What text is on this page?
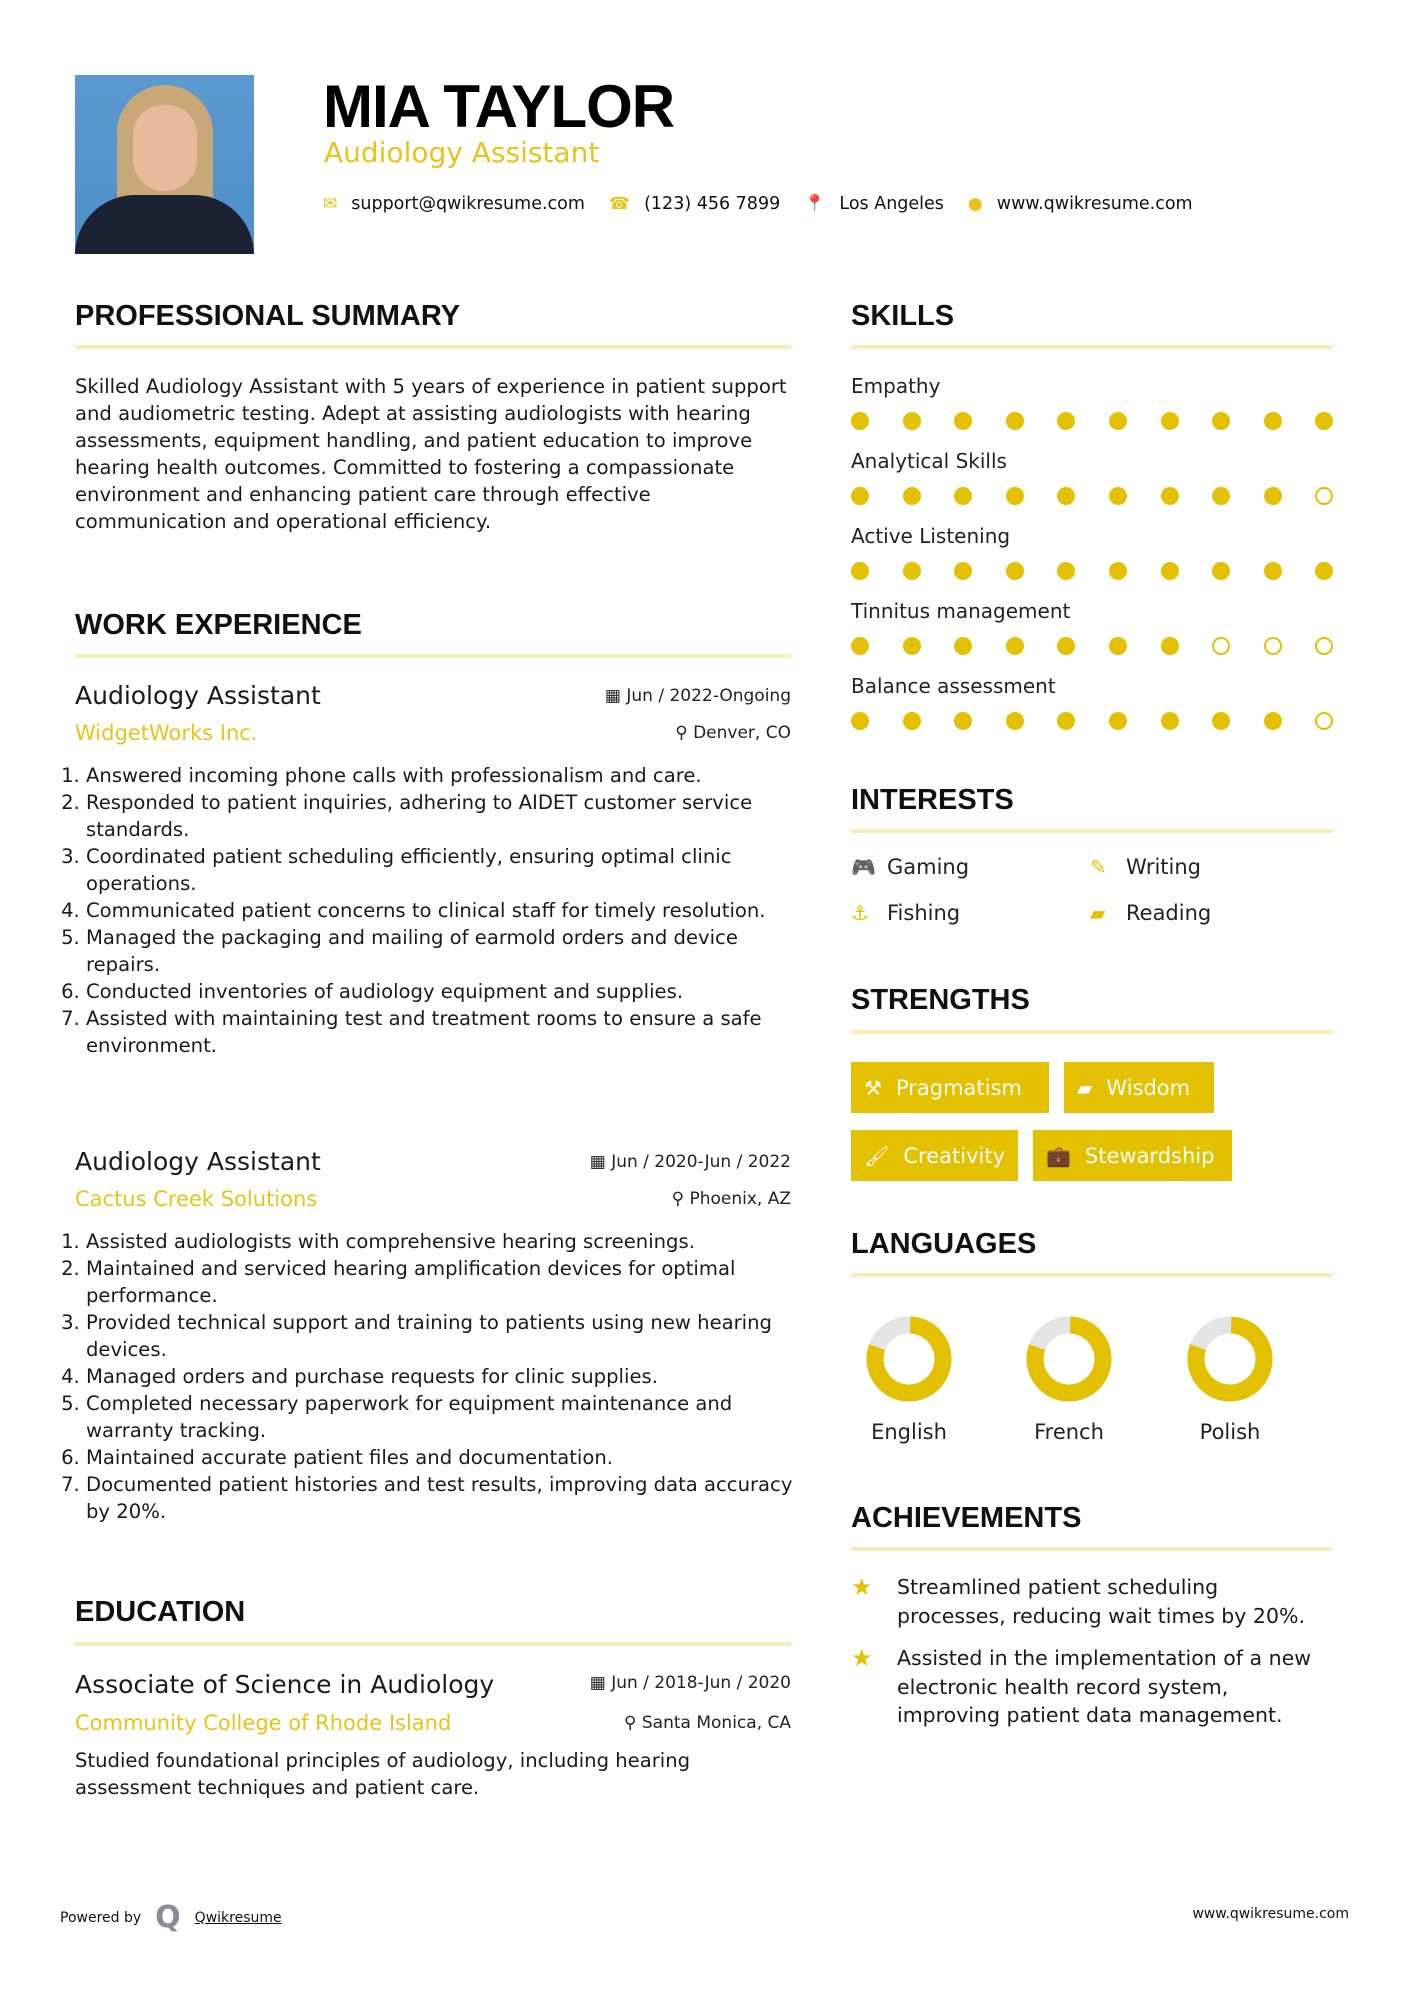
MIA TAYLOR
Audiology Assistant
✉ support@qwikresume.com ☎ (123) 456 7899 📍 Los Angeles ● www.qwikresume.com
PROFESSIONAL SUMMARY
Skilled Audiology Assistant with 5 years of experience in patient support and audiometric testing. Adept at assisting audiologists with hearing assessments, equipment handling, and patient education to improve hearing health outcomes. Committed to fostering a compassionate environment and enhancing patient care through effective communication and operational efficiency.
WORK EXPERIENCE
Audiology Assistant	▦ Jun / 2022-Ongoing
WidgetWorks Inc.	⚲ Denver, CO
1. Answered incoming phone calls with professionalism and care.
2. Responded to patient inquiries, adhering to AIDET customer service standards.
3. Coordinated patient scheduling efficiently, ensuring optimal clinic operations.
4. Communicated patient concerns to clinical staff for timely resolution.
5. Managed the packaging and mailing of earmold orders and device repairs.
6. Conducted inventories of audiology equipment and supplies.
7. Assisted with maintaining test and treatment rooms to ensure a safe environment.
Audiology Assistant	▦ Jun / 2020-Jun / 2022
Cactus Creek Solutions	⚲ Phoenix, AZ
1. Assisted audiologists with comprehensive hearing screenings.
2. Maintained and serviced hearing amplification devices for optimal performance.
3. Provided technical support and training to patients using new hearing devices.
4. Managed orders and purchase requests for clinic supplies.
5. Completed necessary paperwork for equipment maintenance and warranty tracking.
6. Maintained accurate patient files and documentation.
7. Documented patient histories and test results, improving data accuracy by 20%.
EDUCATION
Associate of Science in Audiology	▦ Jun / 2018-Jun / 2020
Community College of Rhode Island	⚲ Santa Monica, CA
Studied foundational principles of audiology, including hearing assessment techniques and patient care.
SKILLS
Empathy
Analytical Skills
Active Listening
Tinnitus management
Balance assessment
INTERESTS
🎮 Gaming	✎ Writing
⚓ Fishing	▰ Reading
STRENGTHS
⚒ Pragmatism	▰ Wisdom
🖌 Creativity 💼 Stewardship
LANGUAGES
English	French	Polish
ACHIEVEMENTS
★	Streamlined patient scheduling processes, reducing wait times by 20%.
★	Assisted in the implementation of a new electronic health record system, improving patient data management.
Powered by Q Qwikresume	www.qwikresume.com
